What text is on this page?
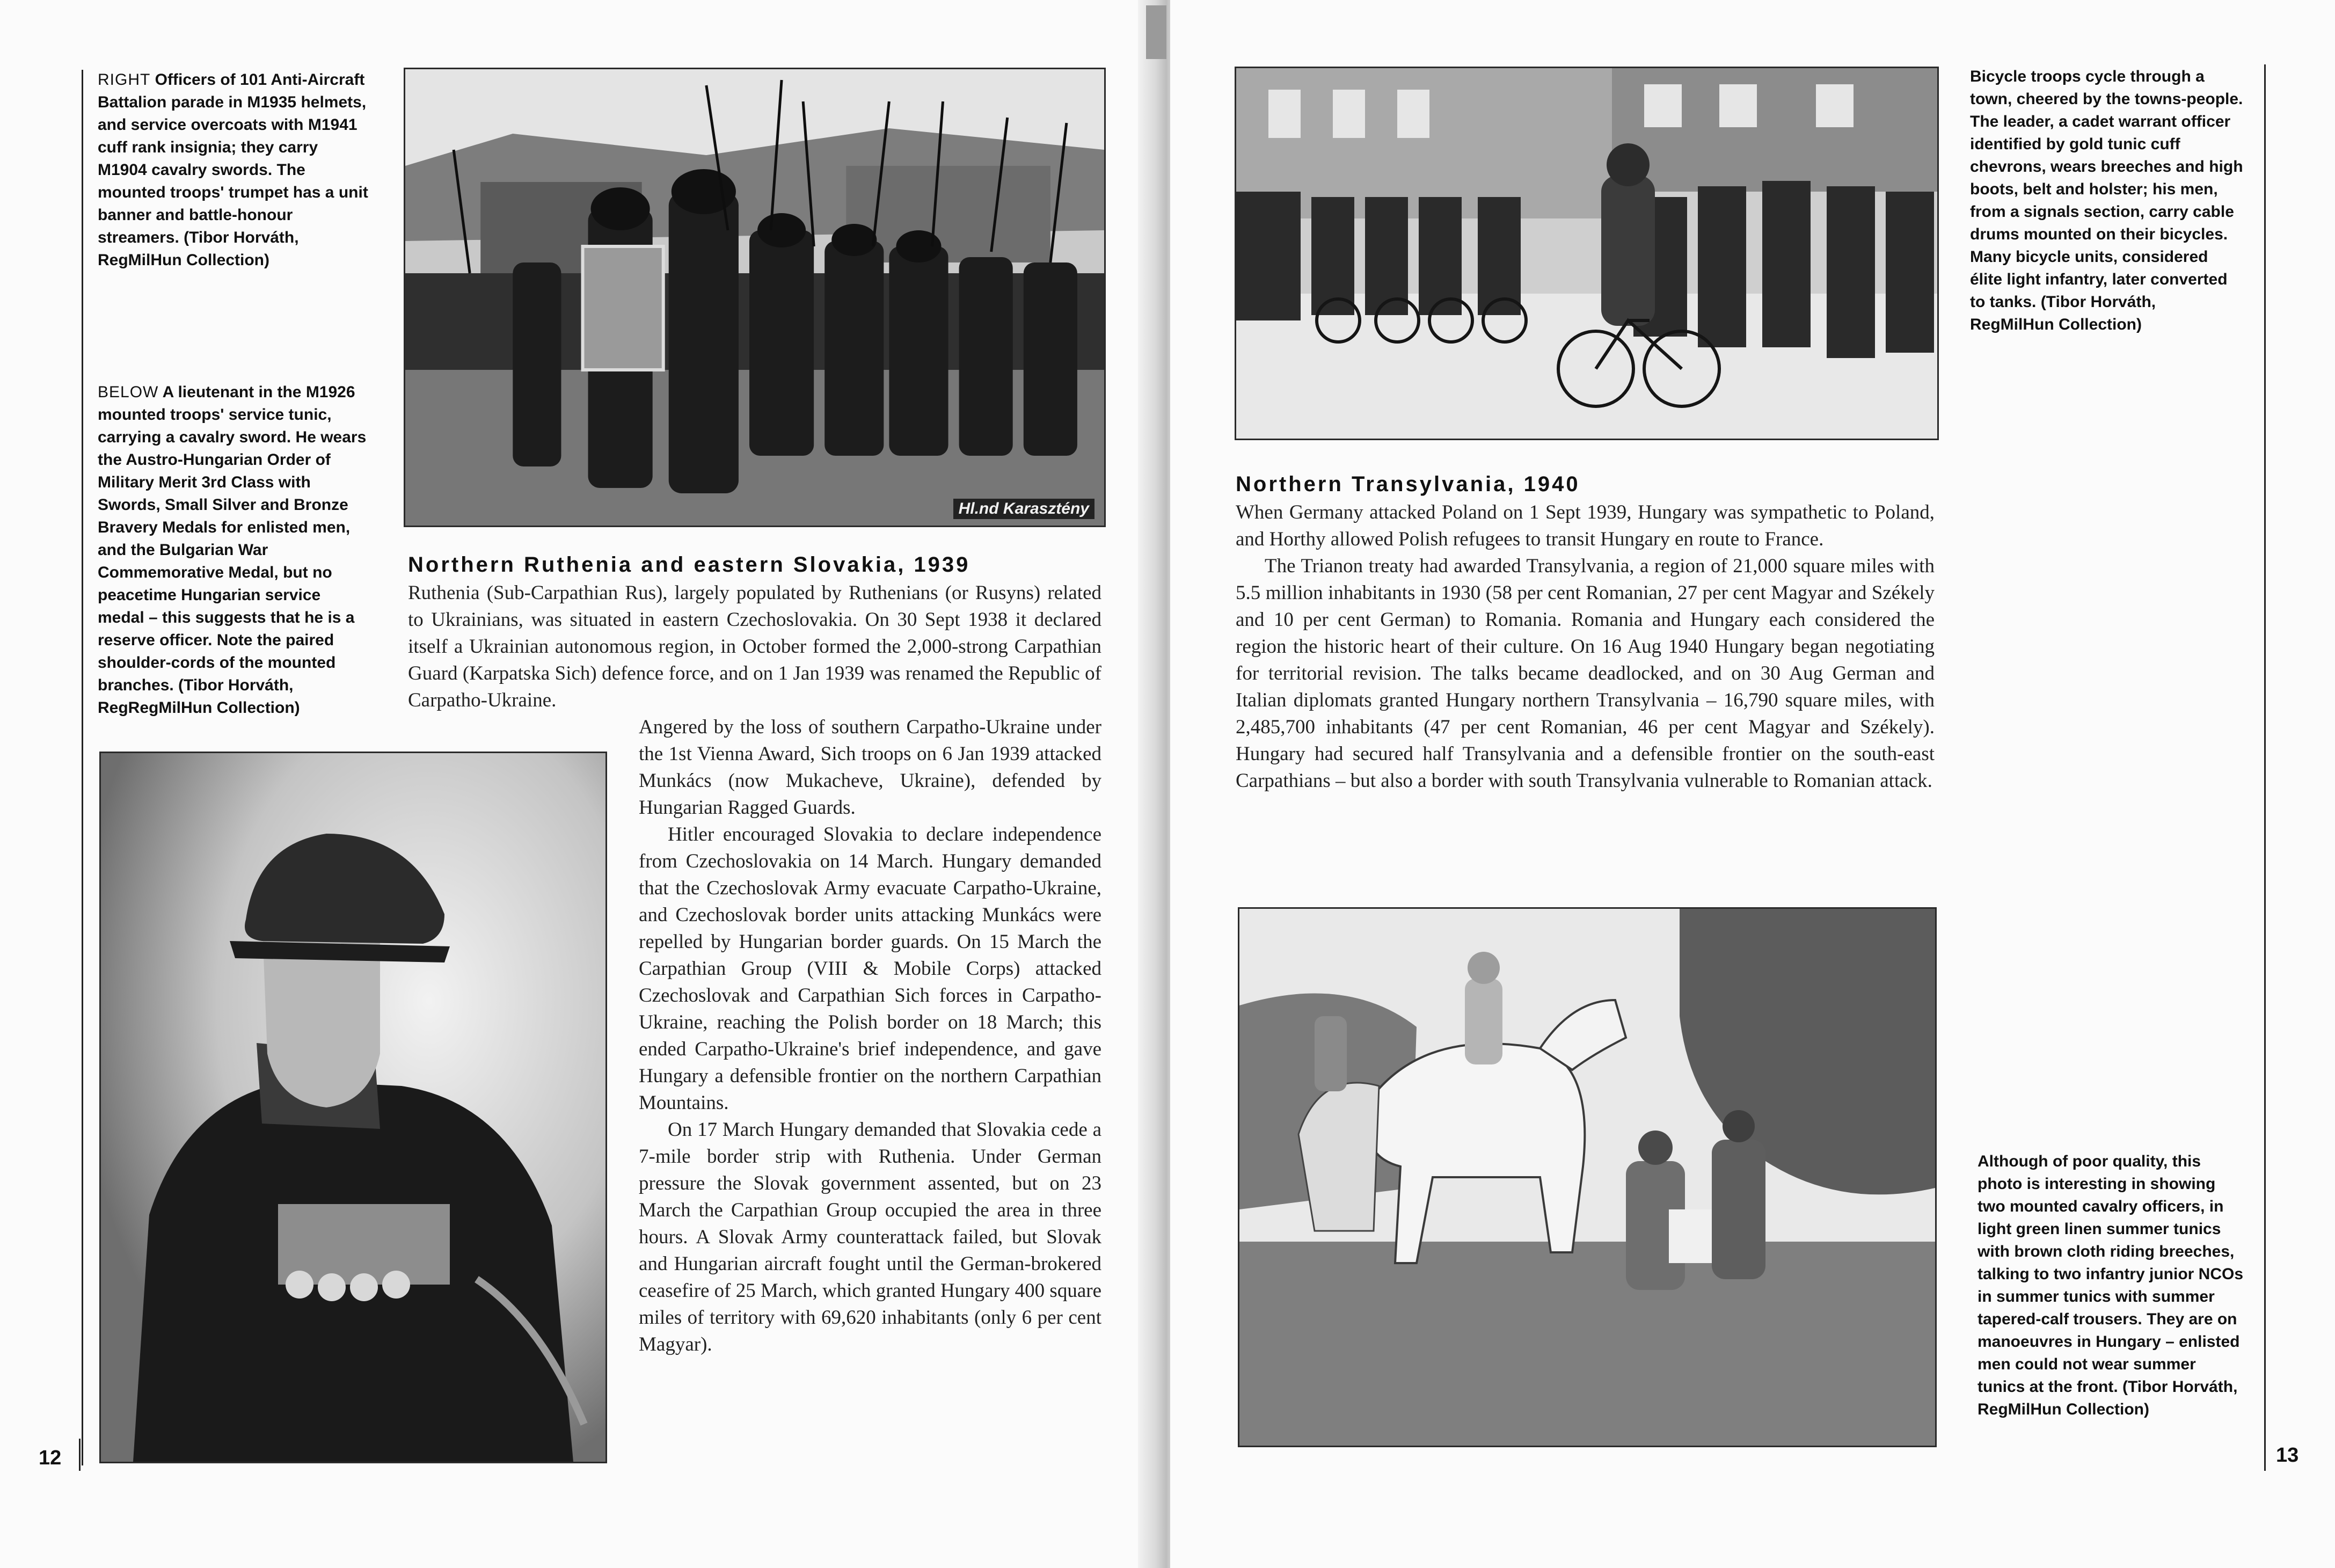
RIGHT Officers of 101 Anti-Aircraft Battalion parade in M1935 helmets, and service overcoats with M1941 cuff rank insignia; they carry M1904 cavalry swords. The mounted troops' trumpet has a unit banner and battle-honour streamers. (Tibor Horváth, RegMilHun Collection)
BELOW A lieutenant in the M1926 mounted troops' service tunic, carrying a cavalry sword. He wears the Austro-Hungarian Order of Military Merit 3rd Class with Swords, Small Silver and Bronze Bravery Medals for enlisted men, and the Bulgarian War Commemorative Medal, but no peacetime Hungarian service medal – this suggests that he is a reserve officer. Note the paired shoulder-cords of the mounted branches. (Tibor Horváth, RegRegMilHun Collection)
Hl.nd Karasztény
Northern Ruthenia and eastern Slovakia, 1939

Ruthenia (Sub-Carpathian Rus), largely populated by Ruthenians (or Rusyns) related to Ukrainians, was situated in eastern Czechoslovakia. On 30 Sept 1938 it declared itself a Ukrainian autonomous region, in October formed the 2,000-strong Carpathian Guard (Karpatska Sich) defence force, and on 1 Jan 1939 was renamed the Republic of Carpatho-Ukraine.

Angered by the loss of southern Carpatho-Ukraine under the 1st Vienna Award, Sich troops on 6 Jan 1939 attacked Munkács (now Mukacheve, Ukraine), defended by Hungarian Ragged Guards.

Hitler encouraged Slovakia to declare independence from Czechoslovakia on 14 March. Hungary demanded that the Czechoslovak Army evacuate Carpatho-Ukraine, and Czechoslovak border units attacking Munkács were repelled by Hungarian border guards. On 15 March the Carpathian Group (VIII & Mobile Corps) attacked Czechoslovak and Carpathian Sich forces in Carpatho-Ukraine, reaching the Polish border on 18 March; this ended Carpatho-Ukraine's brief independence, and gave Hungary a defensible frontier on the northern Carpathian Mountains.

On 17 March Hungary demanded that Slovakia cede a 7-mile border strip with Ruthenia. Under German pressure the Slovak government assented, but on 23 March the Carpathian Group occupied the area in three hours. A Slovak Army counterattack failed, but Slovak and Hungarian aircraft fought until the German-brokered ceasefire of 25 March, which granted Hungary 400 square miles of territory with 69,620 inhabitants (only 6 per cent Magyar).

12
Bicycle troops cycle through a town, cheered by the towns-people. The leader, a cadet warrant officer identified by gold tunic cuff chevrons, wears breeches and high boots, belt and holster; his men, from a signals section, carry cable drums mounted on their bicycles. Many bicycle units, considered élite light infantry, later converted to tanks. (Tibor Horváth, RegMilHun Collection)
Northern Transylvania, 1940

When Germany attacked Poland on 1 Sept 1939, Hungary was sympathetic to Poland, and Horthy allowed Polish refugees to transit Hungary en route to France.

The Trianon treaty had awarded Transylvania, a region of 21,000 square miles with 5.5 million inhabitants in 1930 (58 per cent Romanian, 27 per cent Magyar and Székely and 10 per cent German) to Romania. Romania and Hungary each considered the region the historic heart of their culture. On 16 Aug 1940 Hungary began negotiating for territorial revision. The talks became deadlocked, and on 30 Aug German and Italian diplomats granted Hungary northern Transylvania – 16,790 square miles, with 2,485,700 inhabitants (47 per cent Romanian, 46 per cent Magyar and Székely). Hungary had secured half Transylvania and a defensible frontier on the south-east Carpathians – but also a border with south Transylvania vulnerable to Romanian attack.

Although of poor quality, this photo is interesting in showing two mounted cavalry officers, in light green linen summer tunics with brown cloth riding breeches, talking to two infantry junior NCOs in summer tunics with summer tapered-calf trousers. They are on manoeuvres in Hungary – enlisted men could not wear summer tunics at the front. (Tibor Horváth, RegMilHun Collection)
13
